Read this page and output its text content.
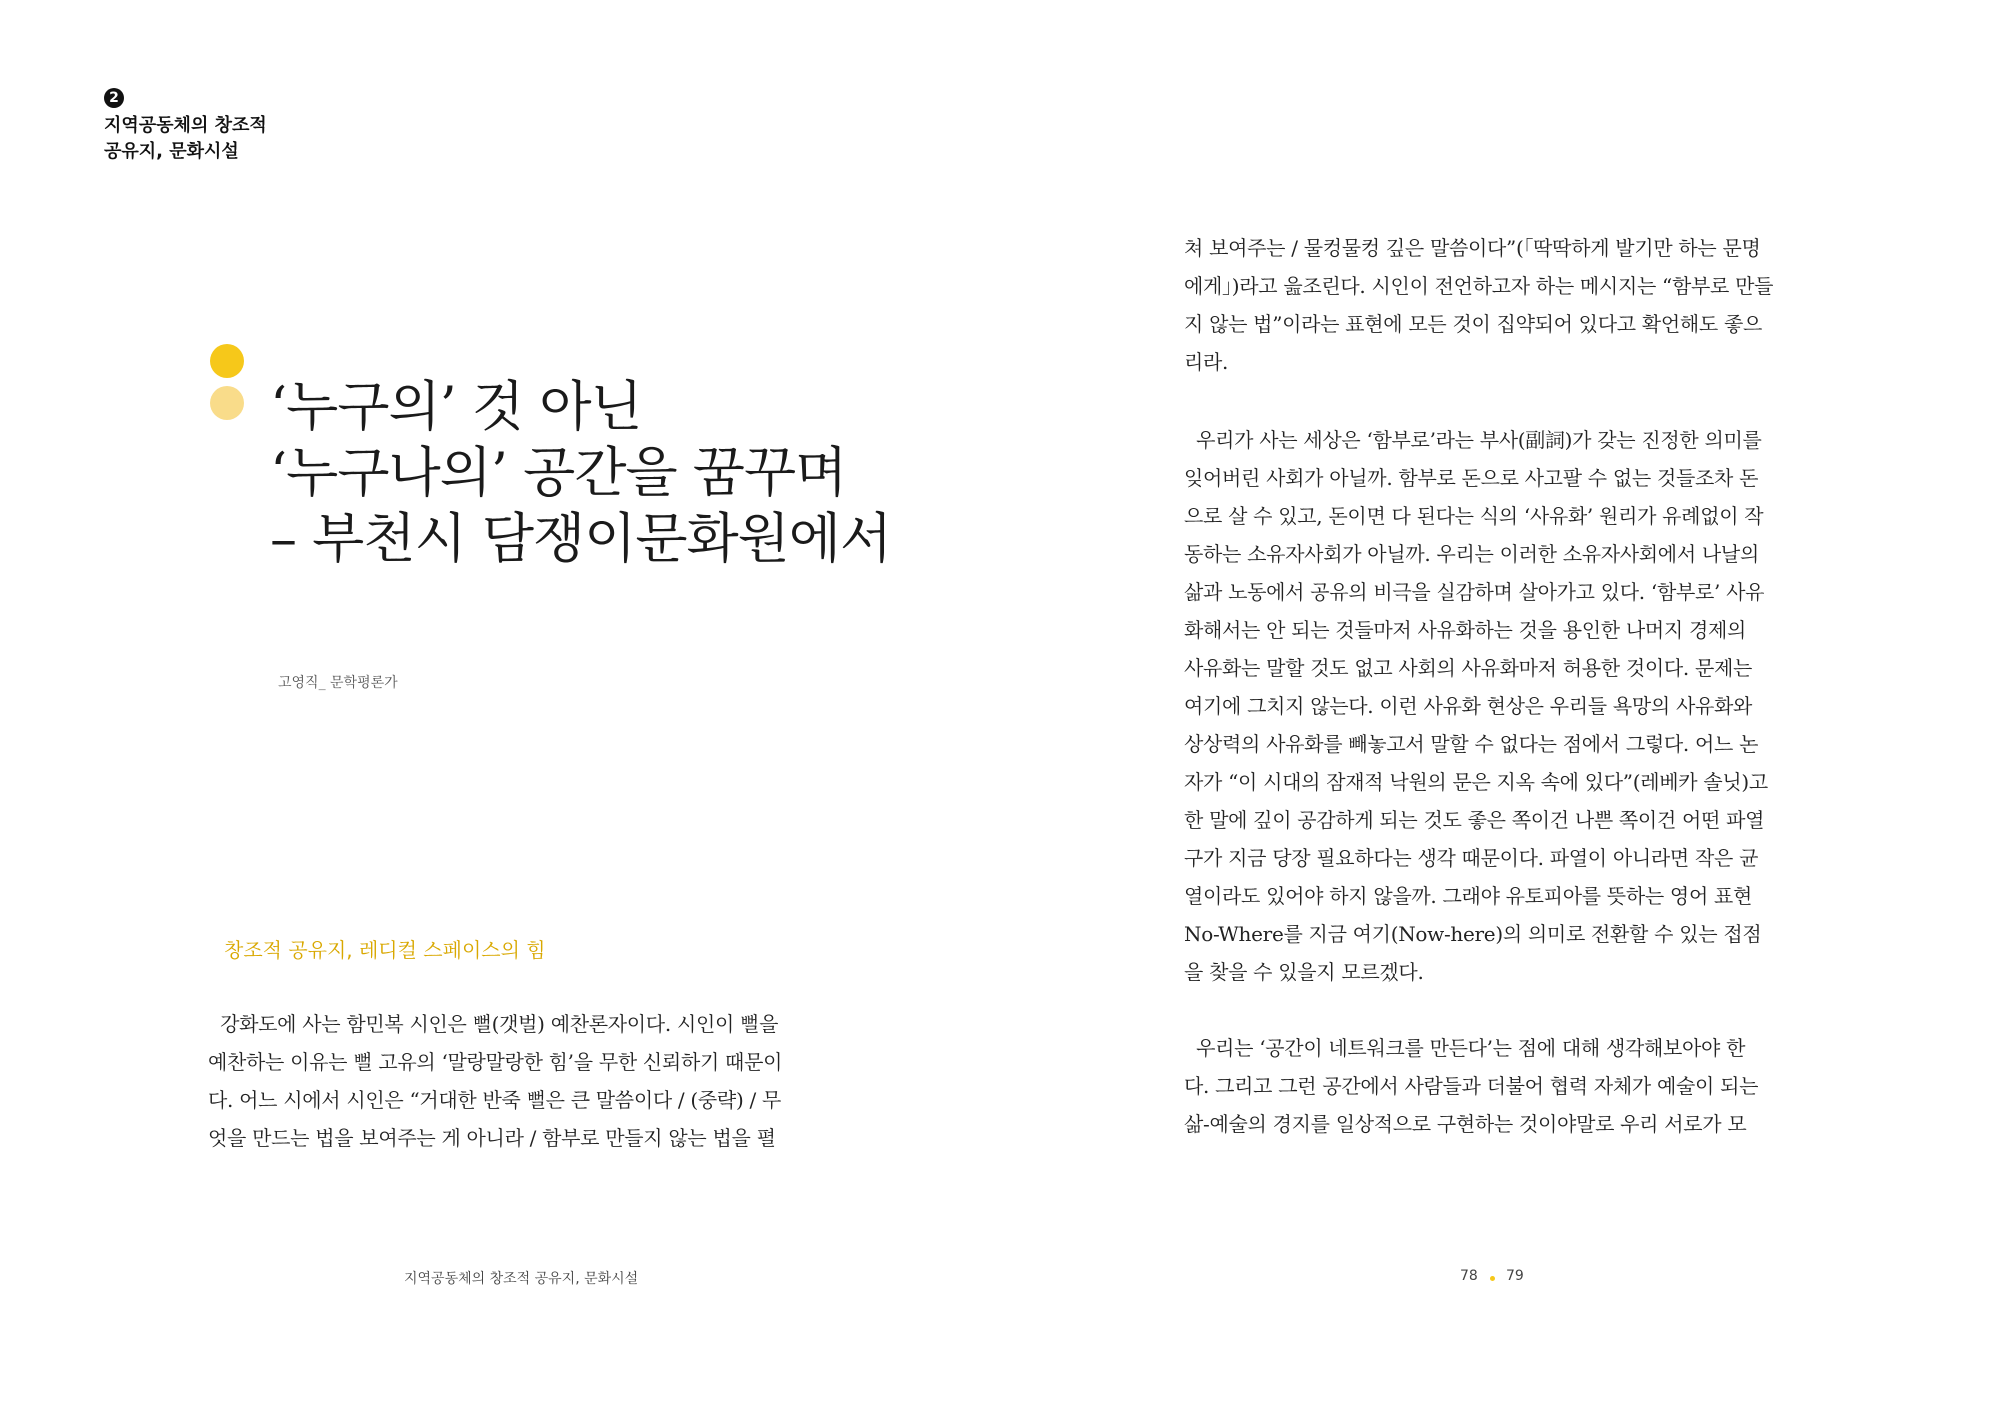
2
지역공동체의 창조적
공유지, 문화시설
‘누구의’ 것 아닌
‘누구나의’ 공간을 꿈꾸며
– 부천시 담쟁이문화원에서
고영직_ 문학평론가
창조적 공유지, 레디컬 스페이스의 힘
강화도에 사는 함민복 시인은 뻘(갯벌) 예찬론자이다. 시인이 뻘을
예찬하는 이유는 뻘 고유의 ‘말랑말랑한 힘’을 무한 신뢰하기 때문이
다. 어느 시에서 시인은 “거대한 반죽 뻘은 큰 말씀이다 / (중략) / 무
엇을 만드는 법을 보여주는 게 아니라 / 함부로 만들지 않는 법을 펼
쳐 보여주는 / 물컹물컹 깊은 말씀이다”(「딱딱하게 발기만 하는 문명
에게」)라고 읊조린다. 시인이 전언하고자 하는 메시지는 “함부로 만들
지 않는 법”이라는 표현에 모든 것이 집약되어 있다고 확언해도 좋으
리라.
우리가 사는 세상은 ‘함부로’라는 부사(副詞)가 갖는 진정한 의미를
잊어버린 사회가 아닐까. 함부로 돈으로 사고팔 수 없는 것들조차 돈
으로 살 수 있고, 돈이면 다 된다는 식의 ‘사유화’ 원리가 유례없이 작
동하는 소유자사회가 아닐까. 우리는 이러한 소유자사회에서 나날의
삶과 노동에서 공유의 비극을 실감하며 살아가고 있다. ‘함부로’ 사유
화해서는 안 되는 것들마저 사유화하는 것을 용인한 나머지 경제의
사유화는 말할 것도 없고 사회의 사유화마저 허용한 것이다. 문제는
여기에 그치지 않는다. 이런 사유화 현상은 우리들 욕망의 사유화와
상상력의 사유화를 빼놓고서 말할 수 없다는 점에서 그렇다. 어느 논
자가 “이 시대의 잠재적 낙원의 문은 지옥 속에 있다”(레베카 솔닛)고
한 말에 깊이 공감하게 되는 것도 좋은 쪽이건 나쁜 쪽이건 어떤 파열
구가 지금 당장 필요하다는 생각 때문이다. 파열이 아니라면 작은 균
열이라도 있어야 하지 않을까. 그래야 유토피아를 뜻하는 영어 표현
No-Where를 지금 여기(Now-here)의 의미로 전환할 수 있는 접점
을 찾을 수 있을지 모르겠다.
우리는 ‘공간이 네트워크를 만든다’는 점에 대해 생각해보아야 한
다. 그리고 그런 공간에서 사람들과 더불어 협력 자체가 예술이 되는
삶-예술의 경지를 일상적으로 구현하는 것이야말로 우리 서로가 모
지역공동체의 창조적 공유지, 문화시설	78 79
